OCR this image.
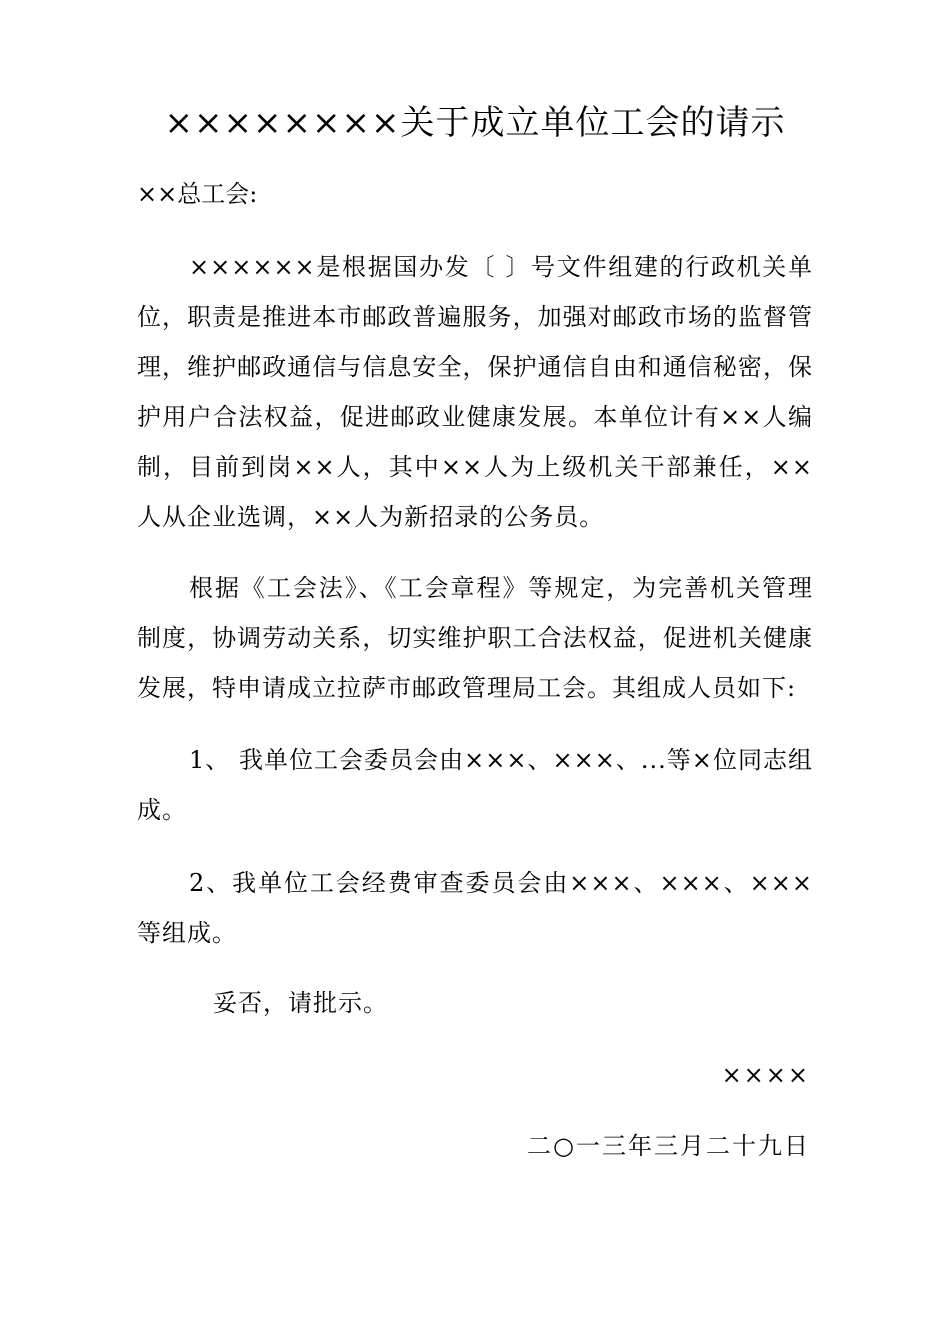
××××××××关于成立单位工会的请示
××总工会:
××××××是根据国办发〔 〕号文件组建的行政机关单位，职责是推进本市邮政普遍服务，加强对邮政市场的监督管理，维护邮政通信与信息安全，保护通信自由和通信秘密，保护用户合法权益，促进邮政业健康发展。本单位计有××人编制，目前到岗××人，其中××人为上级机关干部兼任，××人从企业选调，××人为新招录的公务员。
根据《工会法》、《工会章程》等规定，为完善机关管理制度，协调劳动关系，切实维护职工合法权益，促进机关健康发展，特申请成立拉萨市邮政管理局工会。其组成人员如下:
1、 我单位工会委员会由×××、×××、...等×位同志组成。
2、我单位工会经费审查委员会由×××、×××、×××等组成。
妥否，请批示。
××××
二○一三年三月二十九日
